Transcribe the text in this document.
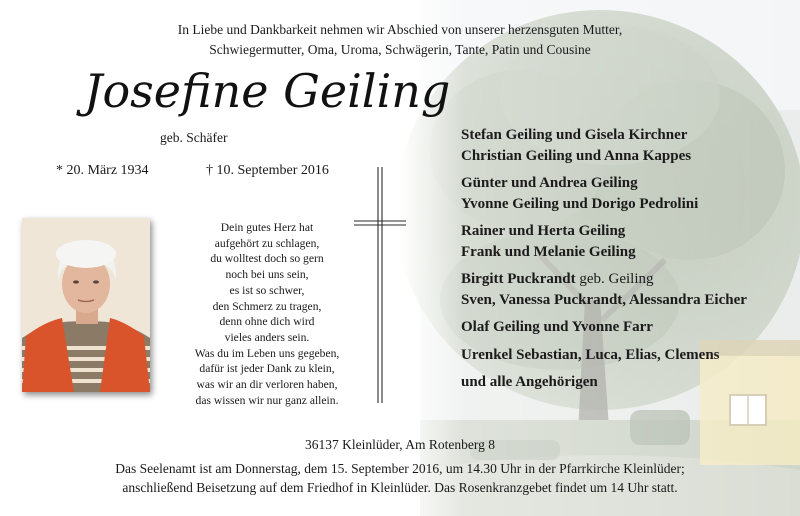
In Liebe und Dankbarkeit nehmen wir Abschied von unserer herzensguten Mutter,
Schwiegermutter, Oma, Uroma, Schwägerin, Tante, Patin und Cousine
Josefine Geiling
geb. Schäfer
* 20. März 1934	† 10. September 2016
Dein gutes Herz hat
aufgehört zu schlagen,
du wolltest doch so gern
noch bei uns sein,
es ist so schwer,
den Schmerz zu tragen,
denn ohne dich wird
vieles anders sein.
Was du im Leben uns gegeben,
dafür ist jeder Dank zu klein,
was wir an dir verloren haben,
das wissen wir nur ganz allein.
Stefan Geiling und Gisela Kirchner
Christian Geiling und Anna Kappes
Günter und Andrea Geiling
Yvonne Geiling und Dorigo Pedrolini
Rainer und Herta Geiling
Frank und Melanie Geiling
Birgitt Puckrandt geb. Geiling
Sven, Vanessa Puckrandt, Alessandra Eicher
Olaf Geiling und Yvonne Farr
Urenkel Sebastian, Luca, Elias, Clemens
und alle Angehörigen
36137 Kleinlüder, Am Rotenberg 8
Das Seelenamt ist am Donnerstag, dem 15. September 2016, um 14.30 Uhr in der Pfarrkirche Kleinlüder;
anschließend Beisetzung auf dem Friedhof in Kleinlüder. Das Rosenkranzgebet findet um 14 Uhr statt.
